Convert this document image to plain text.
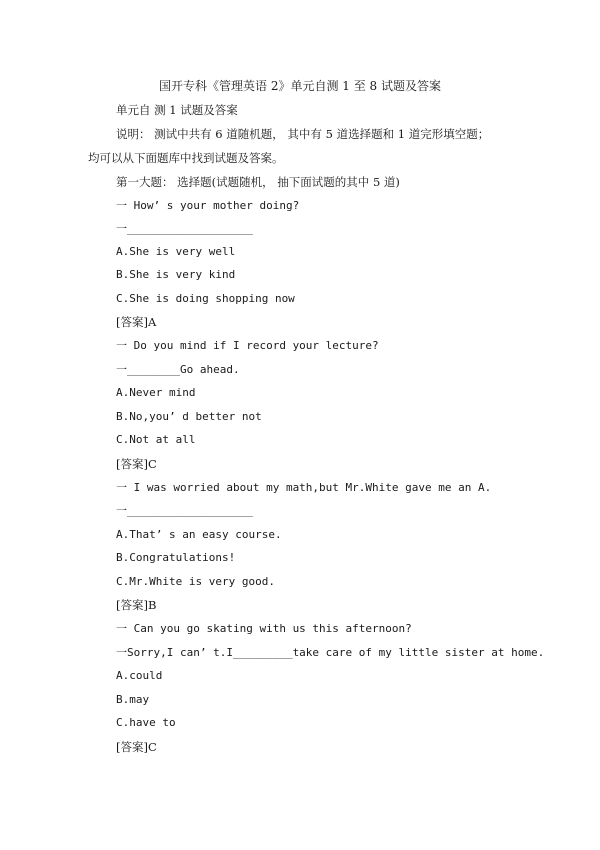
国开专科《管理英语 2》单元自测 1 至 8 试题及答案
单元自 测 1 试题及答案
说明： 测试中共有 6 道随机题， 其中有 5 道选择题和 1 道完形填空题；
均可以从下面题库中找到试题及答案。
第一大题： 选择题(试题随机， 抽下面试题的其中 5 道)
一 How’ s your mother doing?
一___________________
A.She is very well
B.She is very kind
C.She is doing shopping now
[答案]A
一 Do you mind if I record your lecture?
一________Go ahead.
A.Never mind
B.No,you’ d better not
C.Not at all
[答案]C
一 I was worried about my math,but Mr.White gave me an A.
一___________________
A.That’ s an easy course.
B.Congratulations!
C.Mr.White is very good.
[答案]B
一 Can you go skating with us this afternoon?
一Sorry,I can’ t.I_________take care of my little sister at home.
A.could
B.may
C.have to
[答案]C
